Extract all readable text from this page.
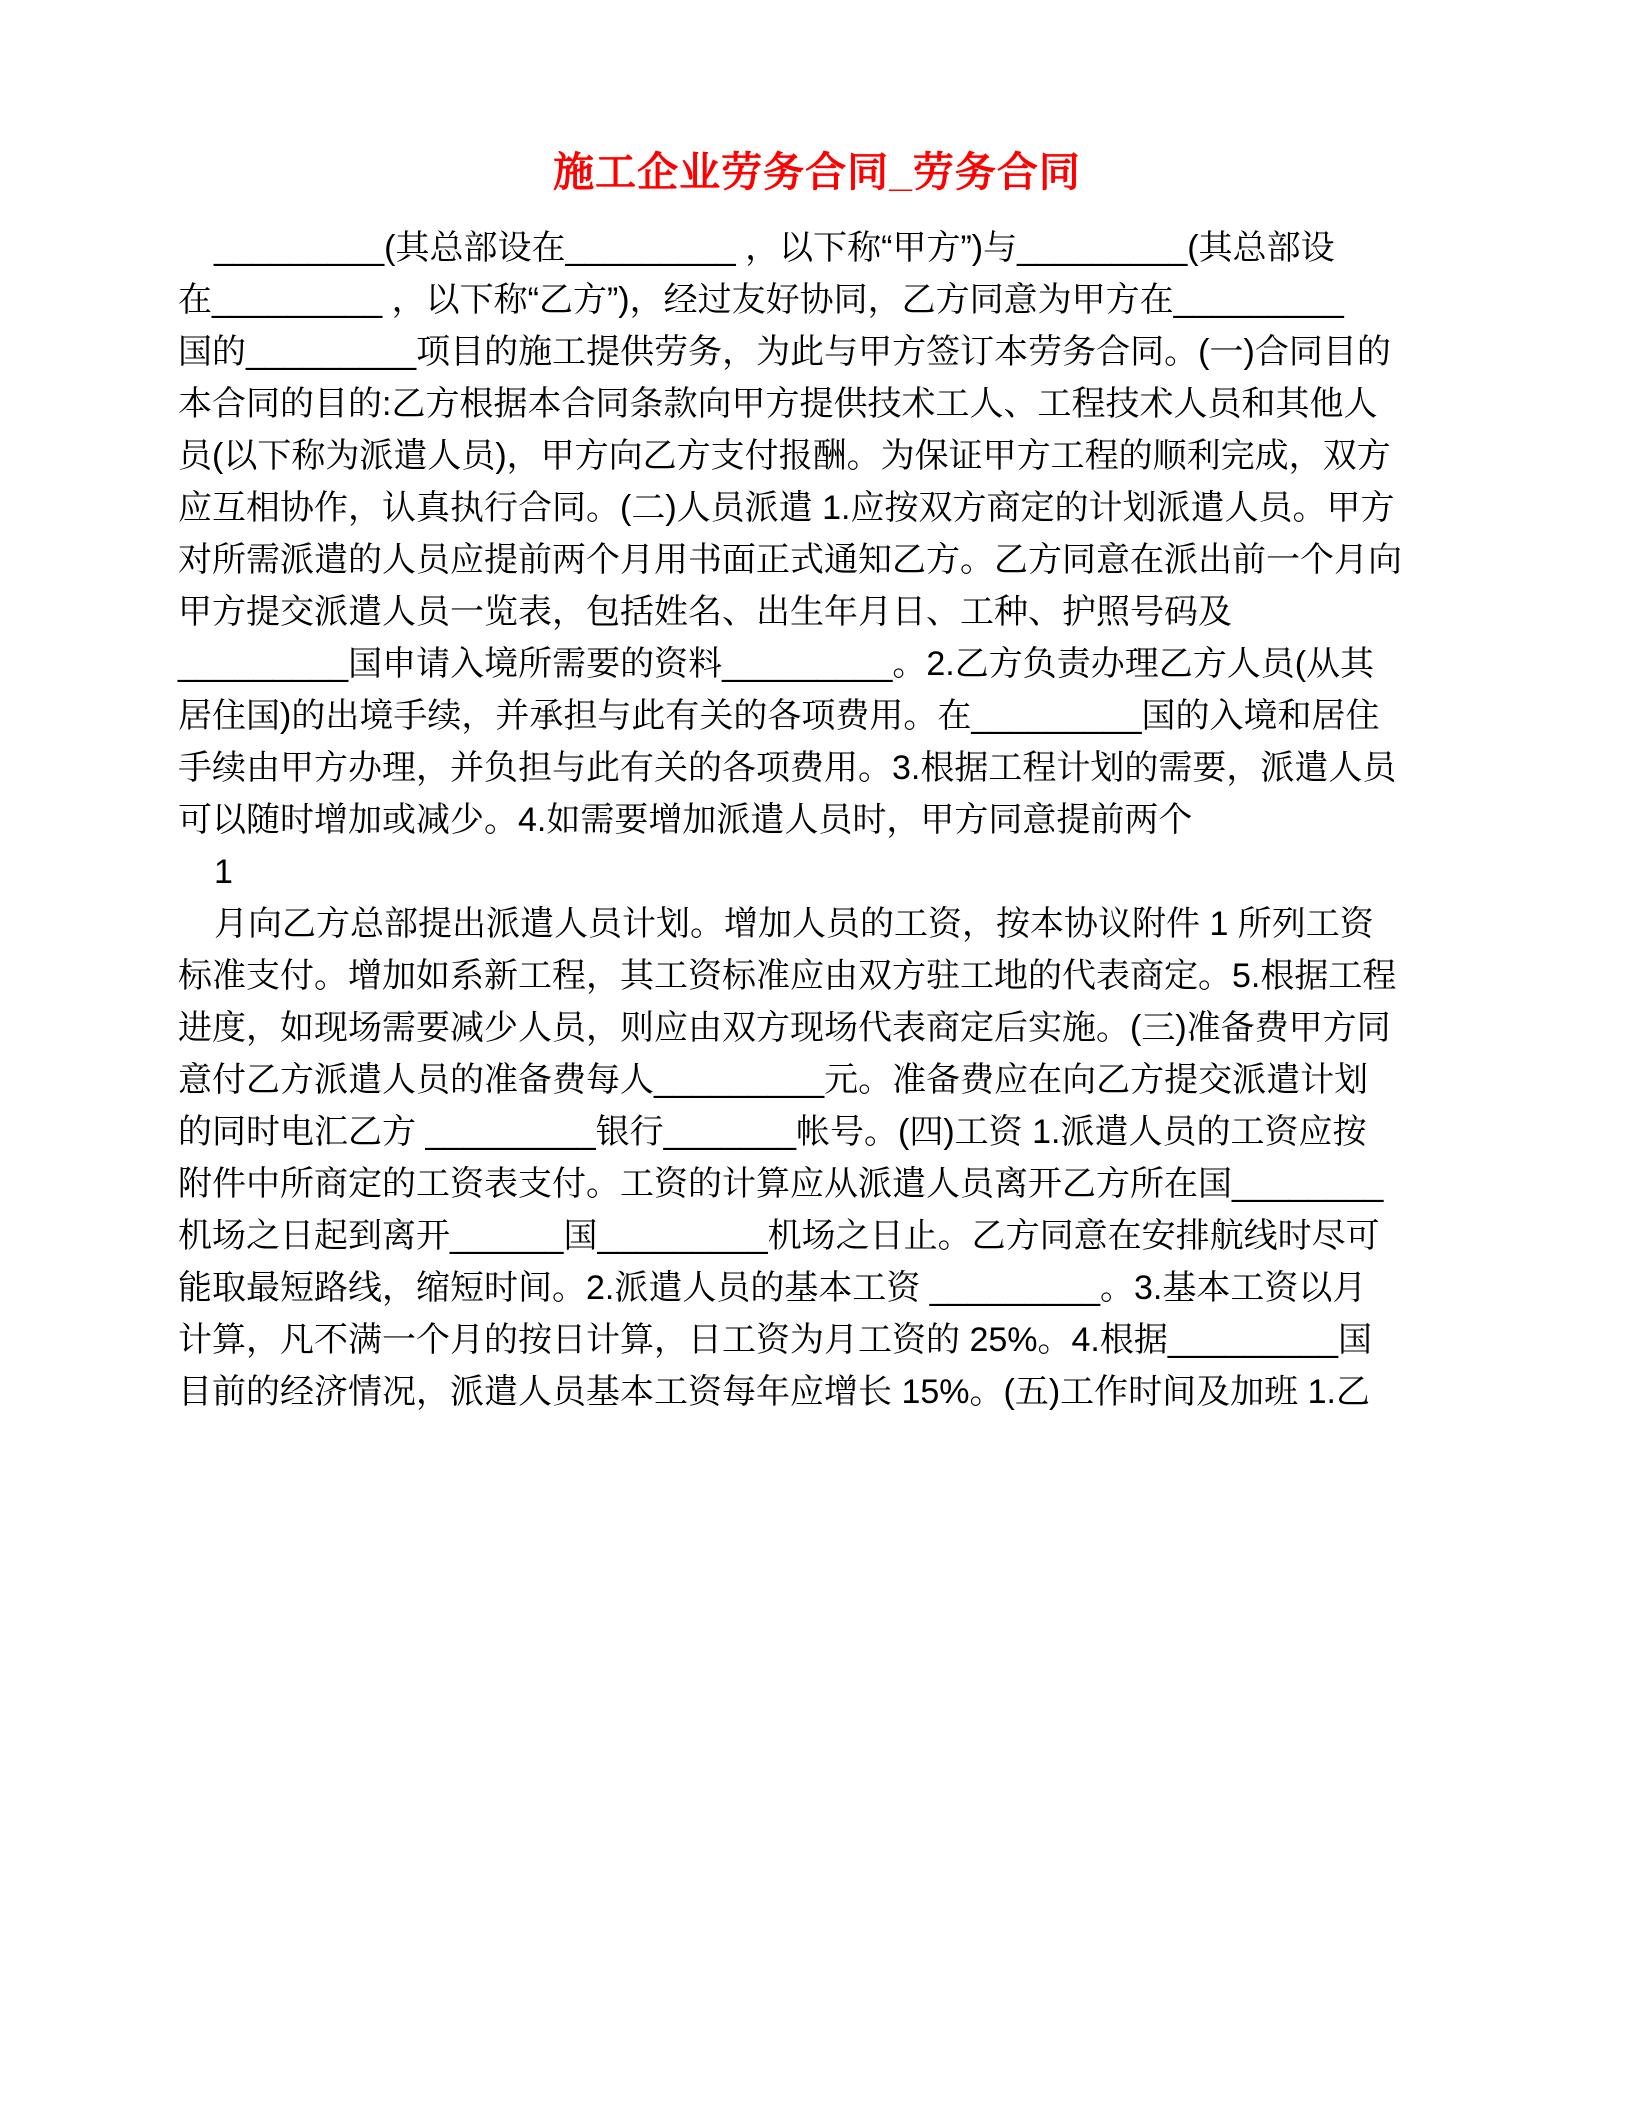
施工企业劳务合同_劳务合同
_________(其总部设在_________ ，以下称“甲方”)与_________(其总部设
在_________ ，以下称“乙方”)，经过友好协同，乙方同意为甲方在_________
国的_________项目的施工提供劳务，为此与甲方签订本劳务合同。(一)合同目的
本合同的目的:乙方根据本合同条款向甲方提供技术工人、工程技术人员和其他人
员(以下称为派遣人员)，甲方向乙方支付报酬。为保证甲方工程的顺利完成，双方
应互相协作，认真执行合同。(二)人员派遣 1.应按双方商定的计划派遣人员。甲方
对所需派遣的人员应提前两个月用书面正式通知乙方。乙方同意在派出前一个月向
甲方提交派遣人员一览表，包括姓名、出生年月日、工种、护照号码及
_________国申请入境所需要的资料_________。2.乙方负责办理乙方人员(从其
居住国)的出境手续，并承担与此有关的各项费用。在_________国的入境和居住
手续由甲方办理，并负担与此有关的各项费用。3.根据工程计划的需要，派遣人员
可以随时增加或减少。4.如需要增加派遣人员时，甲方同意提前两个
1
月向乙方总部提出派遣人员计划。增加人员的工资，按本协议附件 1 所列工资
标准支付。增加如系新工程，其工资标准应由双方驻工地的代表商定。5.根据工程
进度，如现场需要减少人员，则应由双方现场代表商定后实施。(三)准备费甲方同
意付乙方派遣人员的准备费每人_________元。准备费应在向乙方提交派遣计划
的同时电汇乙方 _________银行_______帐号。(四)工资 1.派遣人员的工资应按
附件中所商定的工资表支付。工资的计算应从派遣人员离开乙方所在国________
机场之日起到离开______国_________机场之日止。乙方同意在安排航线时尽可
能取最短路线，缩短时间。2.派遣人员的基本工资 _________。3.基本工资以月
计算，凡不满一个月的按日计算，日工资为月工资的 25%。4.根据_________国
目前的经济情况，派遣人员基本工资每年应增长 15%。(五)工作时间及加班 1.乙
